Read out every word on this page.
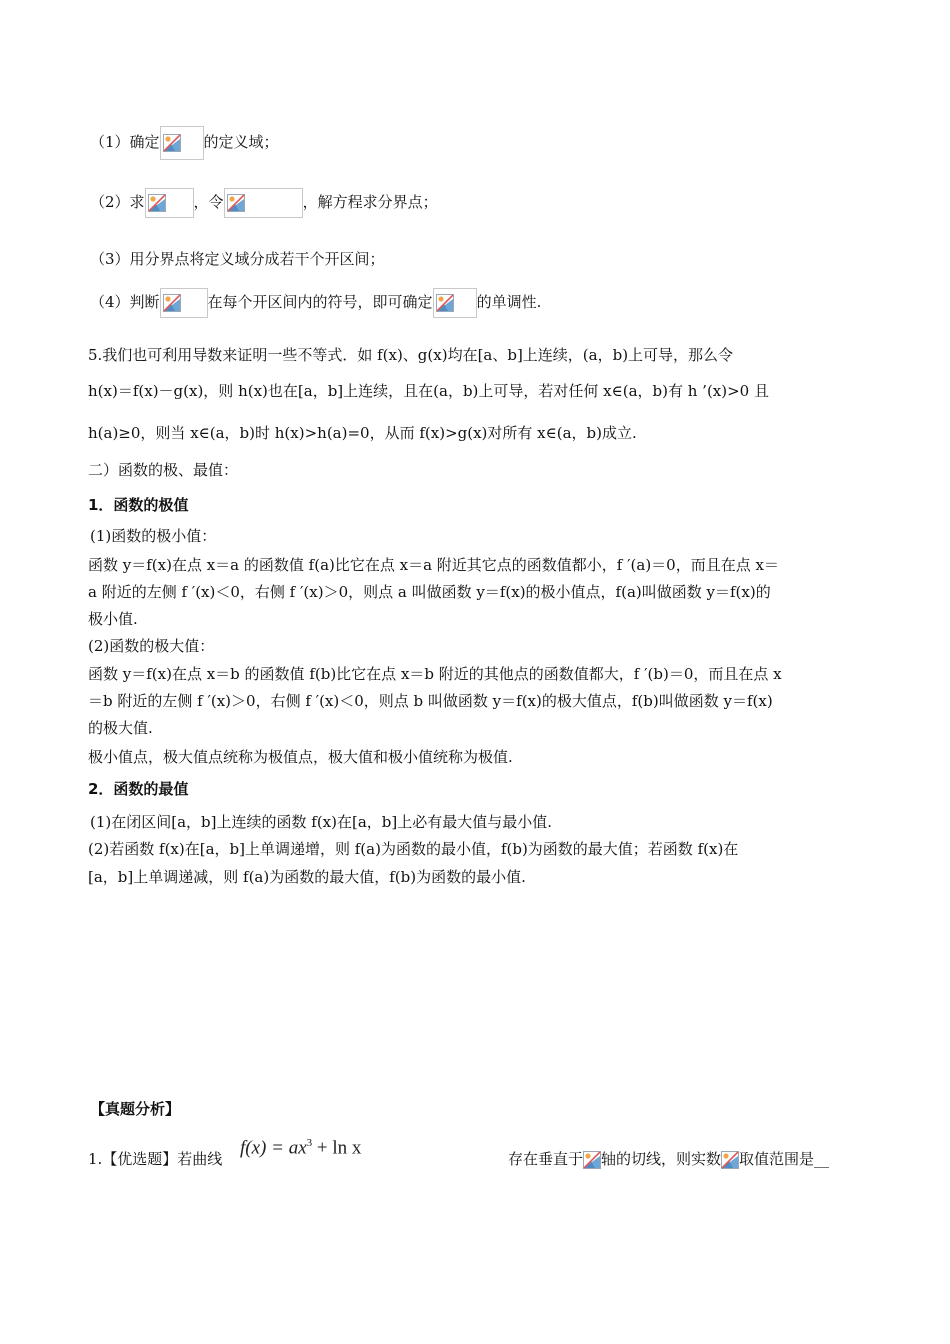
（1）确定	的定义域；
（2）求	，令	，解方程求分界点；
（3）用分界点将定义域分成若干个开区间；
（4）判断	在每个开区间内的符号，即可确定	的单调性.
5.我们也可利用导数来证明一些不等式．如 f(x)、g(x)均在[a、b]上连续，(a，b)上可导，那么令
h(x)＝f(x)－g(x)，则 h(x)也在[a，b]上连续，且在(a，b)上可导，若对任何 x∈(a，b)有 h ’(x)>0 且
h(a)≥0，则当 x∈(a，b)时 h(x)>h(a)=0，从而 f(x)>g(x)对所有 x∈(a，b)成立.
二）函数的极、最值：
1．函数的极值
(1)函数的极小值：
函数 y＝f(x)在点 x＝a 的函数值 f(a)比它在点 x＝a 附近其它点的函数值都小，f ′(a)＝0，而且在点 x＝
a 附近的左侧 f ′(x)＜0，右侧 f ′(x)＞0，则点 a 叫做函数 y＝f(x)的极小值点，f(a)叫做函数 y＝f(x)的
极小值.
(2)函数的极大值：
函数 y＝f(x)在点 x＝b 的函数值 f(b)比它在点 x＝b 附近的其他点的函数值都大，f ′(b)＝0，而且在点 x
＝b 附近的左侧 f ′(x)＞0，右侧 f ′(x)＜0，则点 b 叫做函数 y＝f(x)的极大值点，f(b)叫做函数 y＝f(x)
的极大值.
极小值点，极大值点统称为极值点，极大值和极小值统称为极值.
2．函数的最值
(1)在闭区间[a，b]上连续的函数 f(x)在[a，b]上必有最大值与最小值.
(2)若函数 f(x)在[a，b]上单调递增，则 f(a)为函数的最小值，f(b)为函数的最大值；若函数 f(x)在
[a，b]上单调递减，则 f(a)为函数的最大值，f(b)为函数的最小值.
【真题分析】
1.【优选题】若曲线
$f(x) = ax^3 + \ln x$
存在垂直于 轴的切线，则实数 取值范围是__
